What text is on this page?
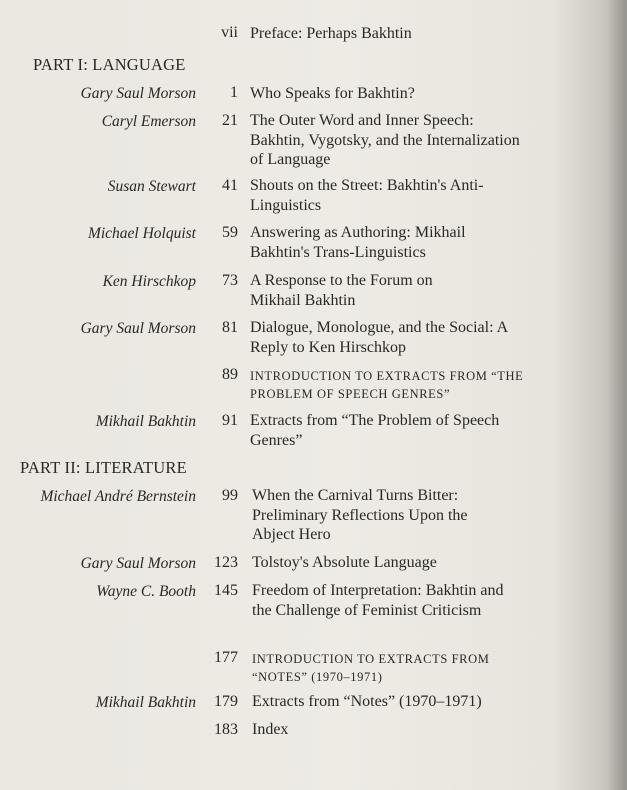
vii Preface: Perhaps Bakhtin
PART I: LANGUAGE
Gary Saul Morson 1 Who Speaks for Bakhtin?
Caryl Emerson 21 The Outer Word and Inner Speech: Bakhtin, Vygotsky, and the Internalization of Language
Susan Stewart 41 Shouts on the Street: Bakhtin's Anti-Linguistics
Michael Holquist 59 Answering as Authoring: Mikhail Bakhtin's Trans-Linguistics
Ken Hirschkop 73 A Response to the Forum on Mikhail Bakhtin
Gary Saul Morson 81 Dialogue, Monologue, and the Social: A Reply to Ken Hirschkop
89 INTRODUCTION TO EXTRACTS FROM “THE PROBLEM OF SPEECH GENRES”
Mikhail Bakhtin 91 Extracts from “The Problem of Speech Genres”
PART II: LITERATURE
Michael André Bernstein 99 When the Carnival Turns Bitter: Preliminary Reflections Upon the Abject Hero
Gary Saul Morson 123 Tolstoy's Absolute Language
Wayne C. Booth 145 Freedom of Interpretation: Bakhtin and the Challenge of Feminist Criticism
177 INTRODUCTION TO EXTRACTS FROM “NOTES” (1970–1971)
Mikhail Bakhtin 179 Extracts from “Notes” (1970–1971)
183 Index
